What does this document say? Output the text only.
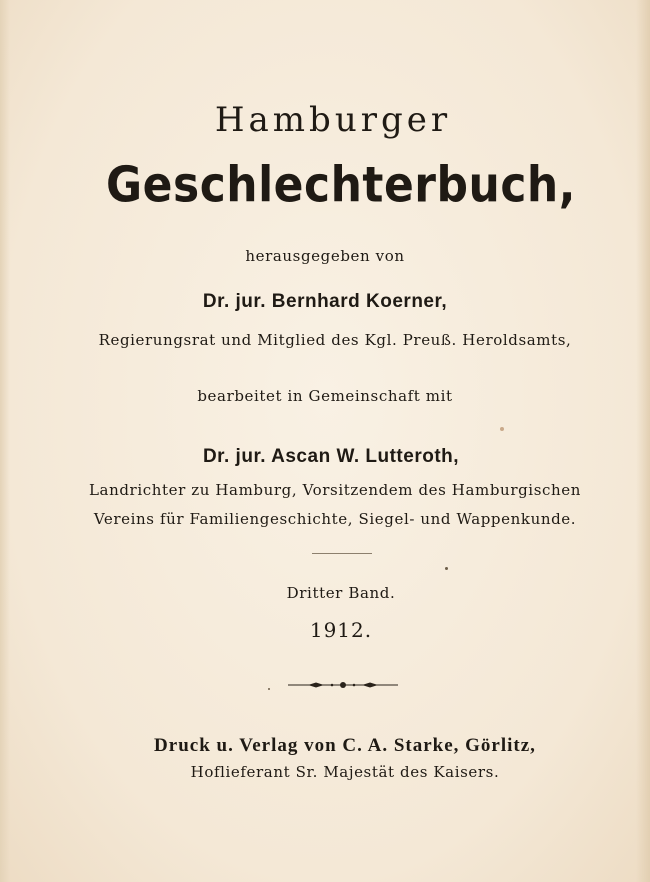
Hamburger
Geschlechterbuch,
herausgegeben von
Dr. jur. Bernhard Koerner,
Regierungsrat und Mitglied des Kgl. Preuß. Heroldsamts,
bearbeitet in Gemeinschaft mit
Dr. jur. Ascan W. Lutteroth,
Landrichter zu Hamburg, Vorsitzendem des Hamburgischen
Vereins für Familiengeschichte, Siegel- und Wappenkunde.
Dritter Band.
1912.
Druck u. Verlag von C. A. Starke, Görlitz,
Hoflieferant Sr. Majestät des Kaisers.
